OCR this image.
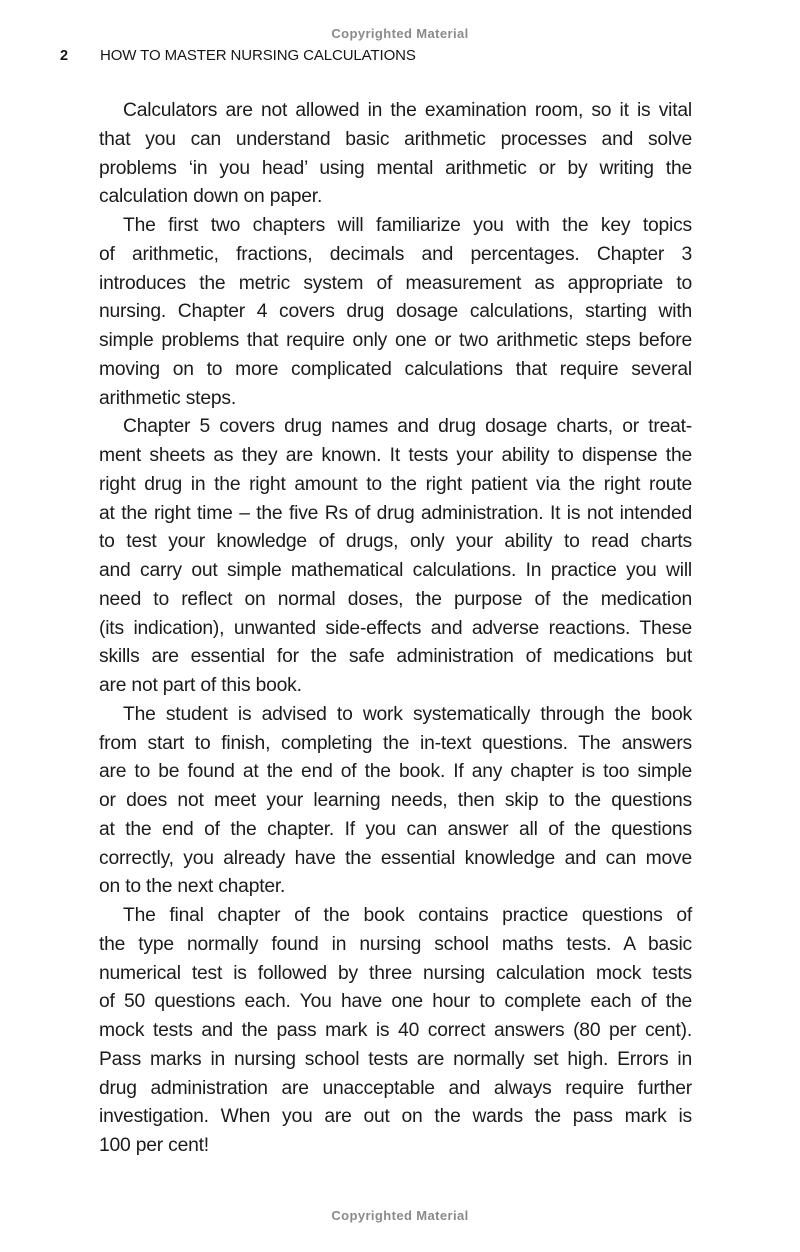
Copyrighted Material
2 HOW TO MASTER NURSING CALCULATIONS
Calculators are not allowed in the examination room, so it is vital
that you can understand basic arithmetic processes and solve
problems ‘in you head’ using mental arithmetic or by writing the
calculation down on paper.
The first two chapters will familiarize you with the key topics
of arithmetic, fractions, decimals and percentages. Chapter 3
introduces the metric system of measurement as appropriate to
nursing. Chapter 4 covers drug dosage calculations, starting with
simple problems that require only one or two arithmetic steps before
moving on to more complicated calculations that require several
arithmetic steps.
Chapter 5 covers drug names and drug dosage charts, or treat-
ment sheets as they are known. It tests your ability to dispense the
right drug in the right amount to the right patient via the right route
at the right time – the five Rs of drug administration. It is not intended
to test your knowledge of drugs, only your ability to read charts
and carry out simple mathematical calculations. In practice you will
need to reflect on normal doses, the purpose of the medication
(its indication), unwanted side-effects and adverse reactions. These
skills are essential for the safe administration of medications but
are not part of this book.
The student is advised to work systematically through the book
from start to finish, completing the in-text questions. The answers
are to be found at the end of the book. If any chapter is too simple
or does not meet your learning needs, then skip to the questions
at the end of the chapter. If you can answer all of the questions
correctly, you already have the essential knowledge and can move
on to the next chapter.
The final chapter of the book contains practice questions of
the type normally found in nursing school maths tests. A basic
numerical test is followed by three nursing calculation mock tests
of 50 questions each. You have one hour to complete each of the
mock tests and the pass mark is 40 correct answers (80 per cent).
Pass marks in nursing school tests are normally set high. Errors in
drug administration are unacceptable and always require further
investigation. When you are out on the wards the pass mark is
100 per cent!
Copyrighted Material
